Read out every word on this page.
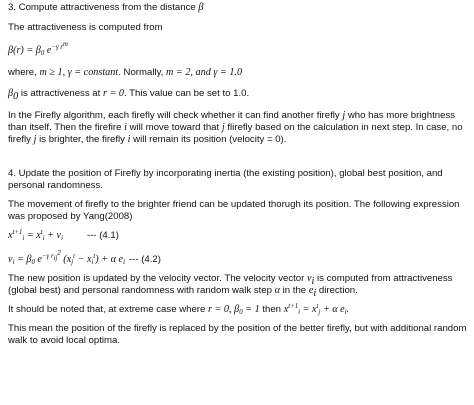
3. Compute attractiveness from the distance β

The attractiveness is computed from

$\beta(r) = \beta_0$ $e^{-\gamma r^m}$

where, m ≥ 1, γ = constant. Normally, m = 2, and γ = 1.0

$\beta_0$ is attractiveness at r = 0. This value can be set to 1.0.

In the Firefly algorithm, each firefly will check whether it can find another firefly j who has more brightness than itself. Then the firefire i will move toward that j flirefly based on the calculation in next step. In case, no firefly j is brighter, the firefly i will remain its position (velocity = 0).

4. Update the position of Firefly by incorporating inertia (the existing position), global best position, and personal randomness.

The movement of firefly to the brighter friend can be updated thorugh its position. The following expression was proposed by Yang(2008)

$x^{t+1}_i = x^t_i + v_i$	--- (4.1)

$v_i = \beta_0$ $e^{-\gamma r_{ij}^2}$ $(x_j^t - x_i^t) + \alpha$ $e_i$ --- (4.2)

The new position is updated by the velocity vector. The velocity vector $v_i$ is computed from attractiveness (global best) and personal randomness with random walk step α in the $e_i$ direction.

It should be noted that, at extreme case where r = 0, $\beta_0 = 1$ then $x^{t+1}_i = x^t_j + \alpha$ $e_i$.

This mean the position of the firefly is replaced by the position of the better firefly, but with additional random walk to avoid local optima.
